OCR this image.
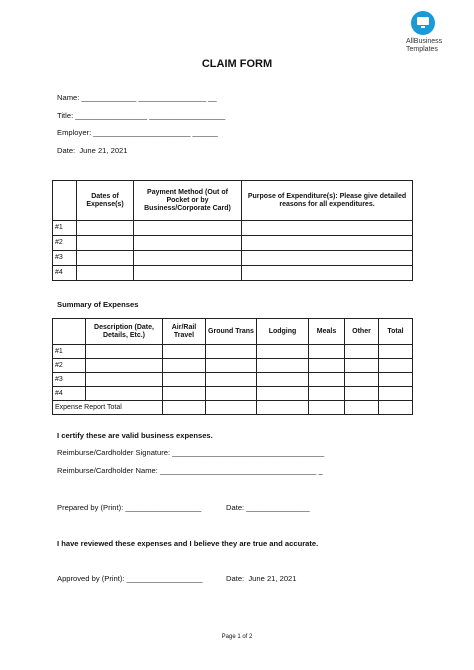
AllBusiness
Templates
CLAIM FORM
Name: _____________ ________________ __
Title: _________________ __________________
Employer: _______________________ ______
Date:  June 21, 2021
	Dates of Expense(s)	Payment Method (Out of Pocket or by Business/Corporate Card)	Purpose of Expenditure(s): Please give detailed reasons for all expenditures.
#1			
#2			
#3			
#4			
Summary of Expenses
	Description (Date, Details, Etc.)	Air/Rail Travel	Ground Trans	Lodging	Meals	Other	Total
#1							
#2							
#3							
#4							
Expense Report Total							
I certify these are valid business expenses.
Reimburse/Cardholder Signature: ____________________________________
Reimburse/Cardholder Name: _____________________________________ _
Prepared by (Print): __________________	Date: _______________
I have reviewed these expenses and I believe they are true and accurate.
Approved by (Print): __________________	Date:  June 21, 2021
Page 1 of 2
